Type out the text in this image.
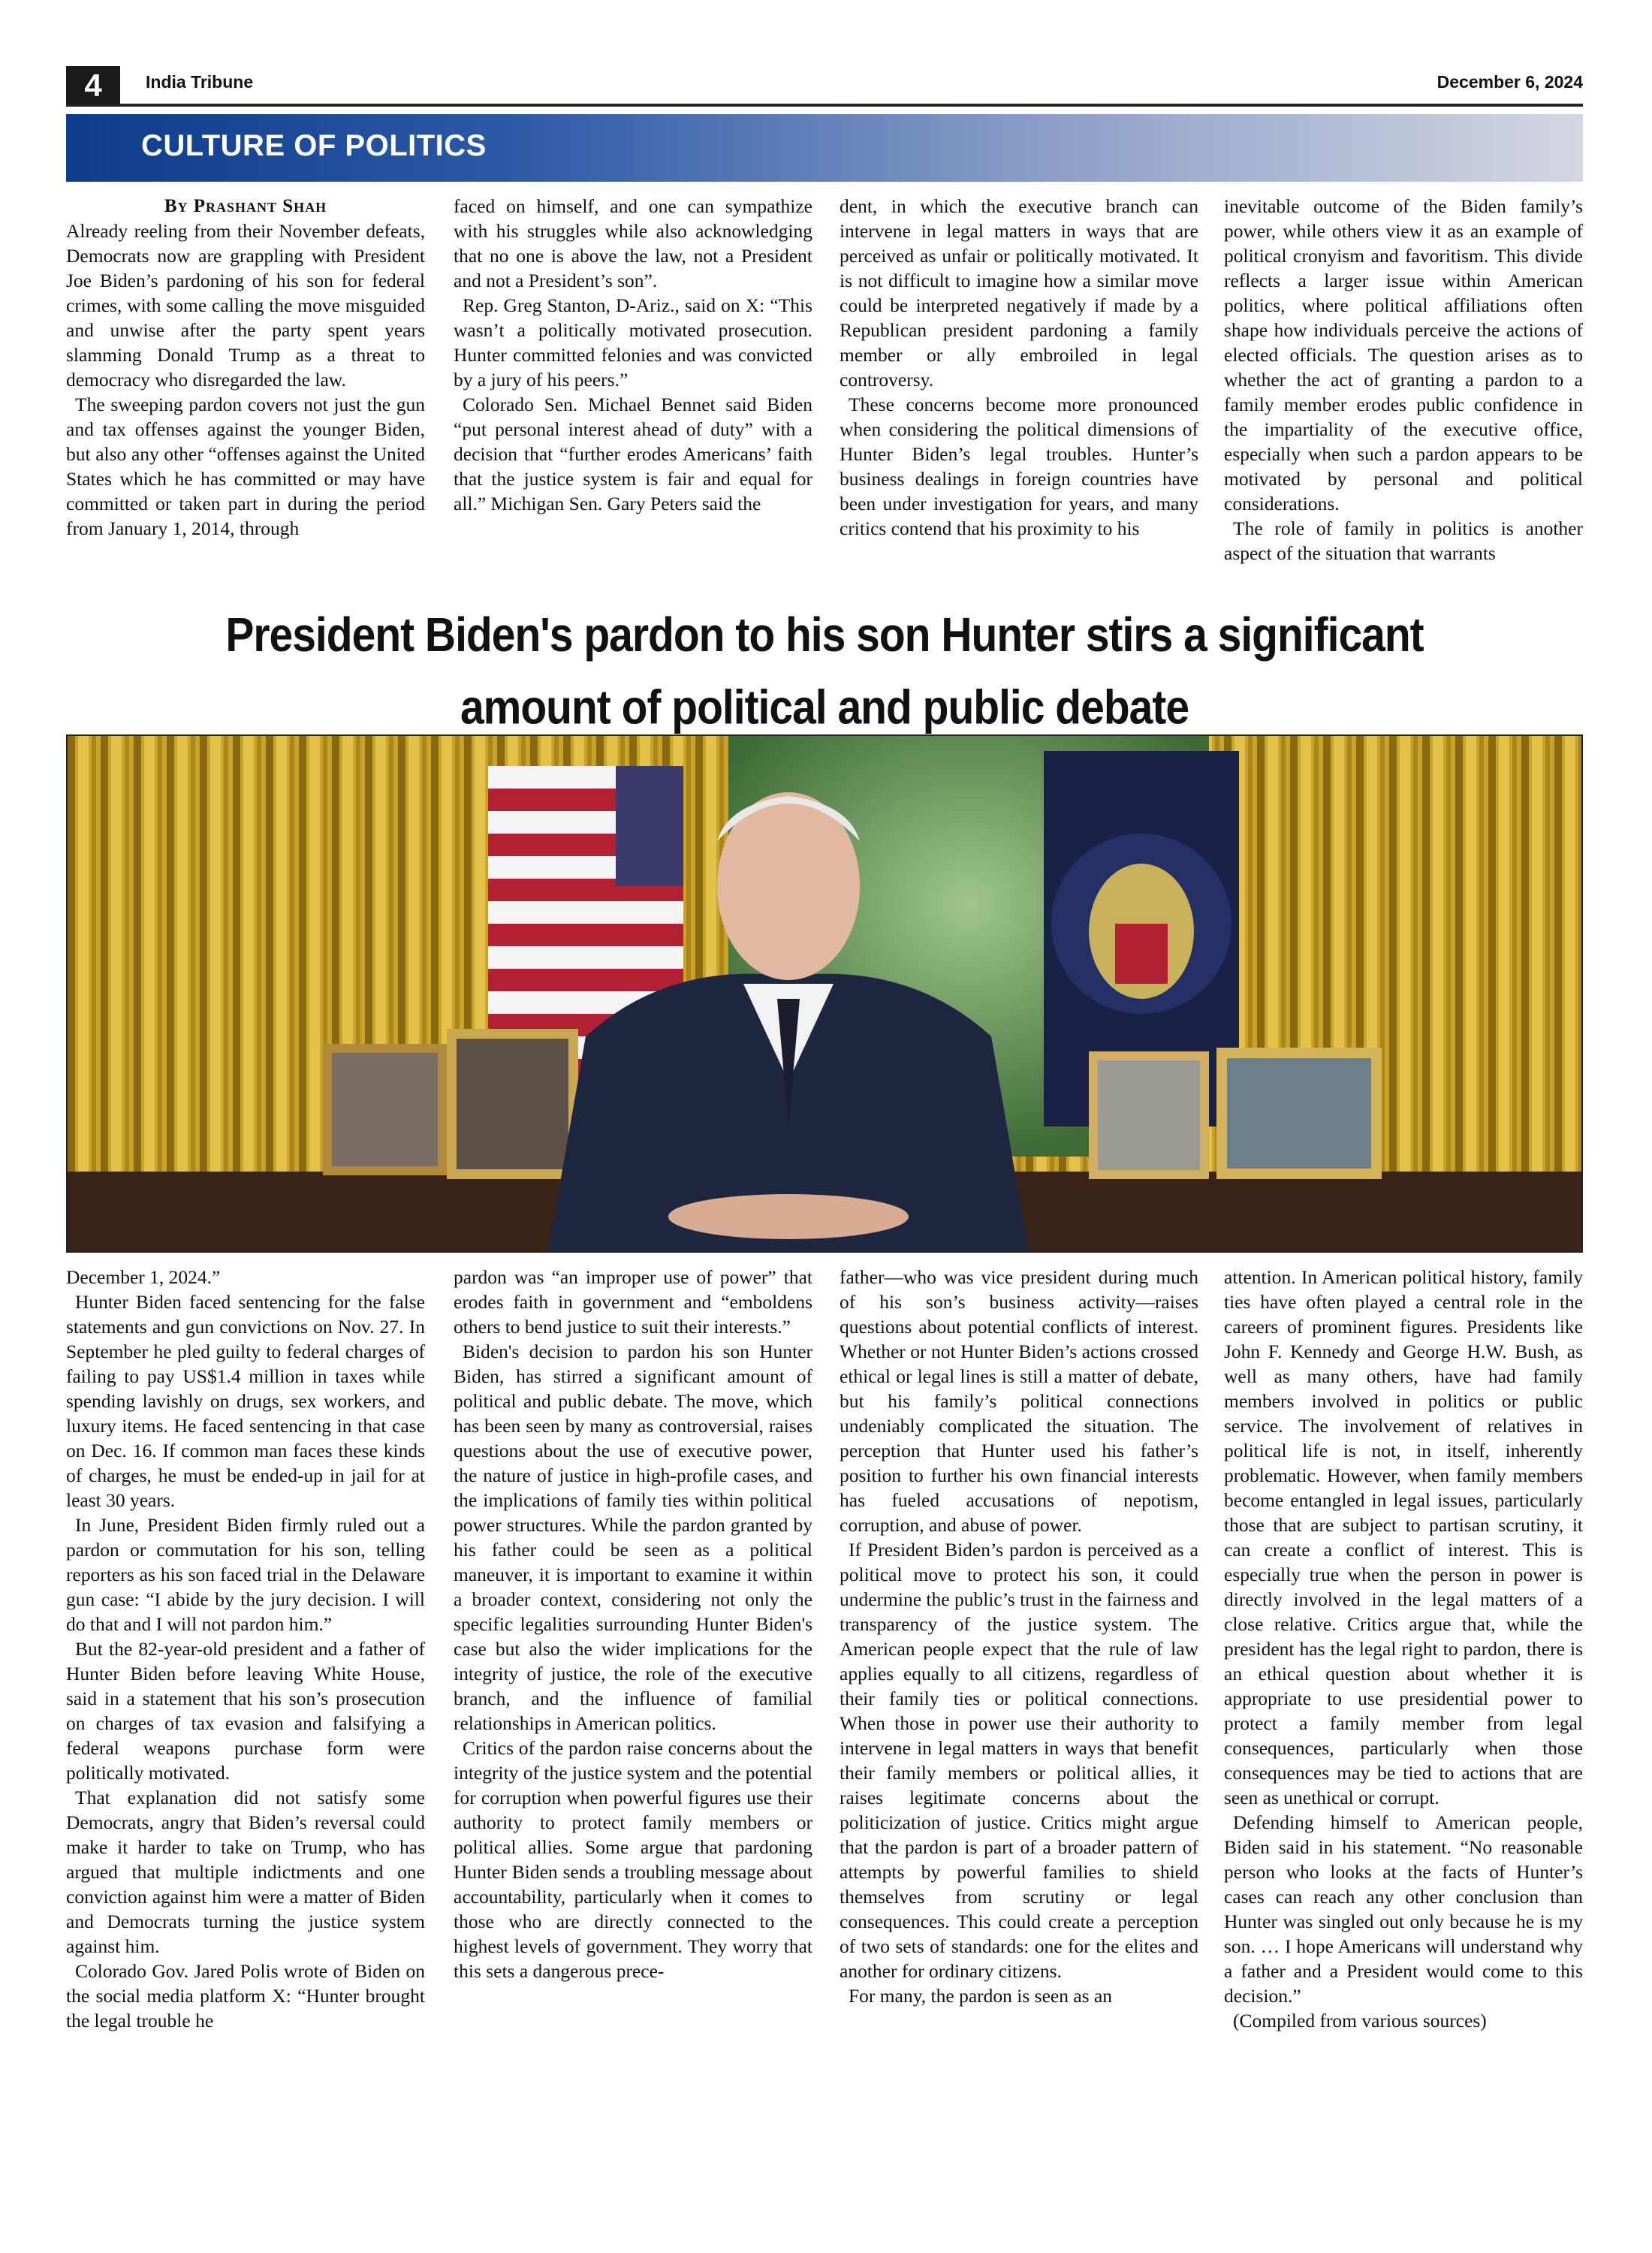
4	India Tribune	December 6, 2024
CULTURE OF POLITICS

By Prashant Shah

Already reeling from their November defeats, Democrats now are grappling with President Joe Biden’s pardoning of his son for federal crimes, with some calling the move misguided and unwise after the party spent years slamming Donald Trump as a threat to democracy who disregarded the law.

The sweeping pardon covers not just the gun and tax offenses against the younger Biden, but also any other “offenses against the United States which he has committed or may have committed or taken part in during the period from January 1, 2014, through

faced on himself, and one can sympathize with his struggles while also acknowledging that no one is above the law, not a President and not a President’s son”.

Rep. Greg Stanton, D-Ariz., said on X: “This wasn’t a politically motivated prosecution. Hunter committed felonies and was convicted by a jury of his peers.”

Colorado Sen. Michael Bennet said Biden “put personal interest ahead of duty” with a decision that “further erodes Americans’ faith that the justice system is fair and equal for all.” Michigan Sen. Gary Peters said the

dent, in which the executive branch can intervene in legal matters in ways that are perceived as unfair or politically motivated. It is not difficult to imagine how a similar move could be interpreted negatively if made by a Republican president pardoning a family member or ally embroiled in legal controversy.

These concerns become more pronounced when considering the political dimensions of Hunter Biden’s legal troubles. Hunter’s business dealings in foreign countries have been under investigation for years, and many critics contend that his proximity to his

inevitable outcome of the Biden family’s power, while others view it as an example of political cronyism and favoritism. This divide reflects a larger issue within American politics, where political affiliations often shape how individuals perceive the actions of elected officials. The question arises as to whether the act of granting a pardon to a family member erodes public confidence in the impartiality of the executive office, especially when such a pardon appears to be motivated by personal and political considerations.

The role of family in politics is another aspect of the situation that warrants

President Biden's pardon to his son Hunter stirs a significant
amount of political and public debate

December 1, 2024.”

Hunter Biden faced sentencing for the false statements and gun convictions on Nov. 27. In September he pled guilty to federal charges of failing to pay US$1.4 million in taxes while spending lavishly on drugs, sex workers, and luxury items. He faced sentencing in that case on Dec. 16. If common man faces these kinds of charges, he must be ended-up in jail for at least 30 years.

In June, President Biden firmly ruled out a pardon or commutation for his son, telling reporters as his son faced trial in the Delaware gun case: “I abide by the jury decision. I will do that and I will not pardon him.”

But the 82-year-old president and a father of Hunter Biden before leaving White House, said in a statement that his son’s prosecution on charges of tax evasion and falsifying a federal weapons purchase form were politically motivated.

That explanation did not satisfy some Democrats, angry that Biden’s reversal could make it harder to take on Trump, who has argued that multiple indictments and one conviction against him were a matter of Biden and Democrats turning the justice system against him.

Colorado Gov. Jared Polis wrote of Biden on the social media platform X: “Hunter brought the legal trouble he

pardon was “an improper use of power” that erodes faith in government and “emboldens others to bend justice to suit their interests.”

Biden's decision to pardon his son Hunter Biden, has stirred a significant amount of political and public debate. The move, which has been seen by many as controversial, raises questions about the use of executive power, the nature of justice in high-profile cases, and the implications of family ties within political power structures. While the pardon granted by his father could be seen as a political maneuver, it is important to examine it within a broader context, considering not only the specific legalities surrounding Hunter Biden's case but also the wider implications for the integrity of justice, the role of the executive branch, and the influence of familial relationships in American politics.

Critics of the pardon raise concerns about the integrity of the justice system and the potential for corruption when powerful figures use their authority to protect family members or political allies. Some argue that pardoning Hunter Biden sends a troubling message about accountability, particularly when it comes to those who are directly connected to the highest levels of government. They worry that this sets a dangerous prece-

father—who was vice president during much of his son’s business activity—raises questions about potential conflicts of interest. Whether or not Hunter Biden’s actions crossed ethical or legal lines is still a matter of debate, but his family’s political connections undeniably complicated the situation. The perception that Hunter used his father’s position to further his own financial interests has fueled accusations of nepotism, corruption, and abuse of power.

If President Biden’s pardon is perceived as a political move to protect his son, it could undermine the public’s trust in the fairness and transparency of the justice system. The American people expect that the rule of law applies equally to all citizens, regardless of their family ties or political connections. When those in power use their authority to intervene in legal matters in ways that benefit their family members or political allies, it raises legitimate concerns about the politicization of justice. Critics might argue that the pardon is part of a broader pattern of attempts by powerful families to shield themselves from scrutiny or legal consequences. This could create a perception of two sets of standards: one for the elites and another for ordinary citizens.

For many, the pardon is seen as an

attention. In American political history, family ties have often played a central role in the careers of prominent figures. Presidents like John F. Kennedy and George H.W. Bush, as well as many others, have had family members involved in politics or public service. The involvement of relatives in political life is not, in itself, inherently problematic. However, when family members become entangled in legal issues, particularly those that are subject to partisan scrutiny, it can create a conflict of interest. This is especially true when the person in power is directly involved in the legal matters of a close relative. Critics argue that, while the president has the legal right to pardon, there is an ethical question about whether it is appropriate to use presidential power to protect a family member from legal consequences, particularly when those consequences may be tied to actions that are seen as unethical or corrupt.

Defending himself to American people, Biden said in his statement. “No reasonable person who looks at the facts of Hunter’s cases can reach any other conclusion than Hunter was singled out only because he is my son. … I hope Americans will understand why a father and a President would come to this decision.”

(Compiled from various sources)
